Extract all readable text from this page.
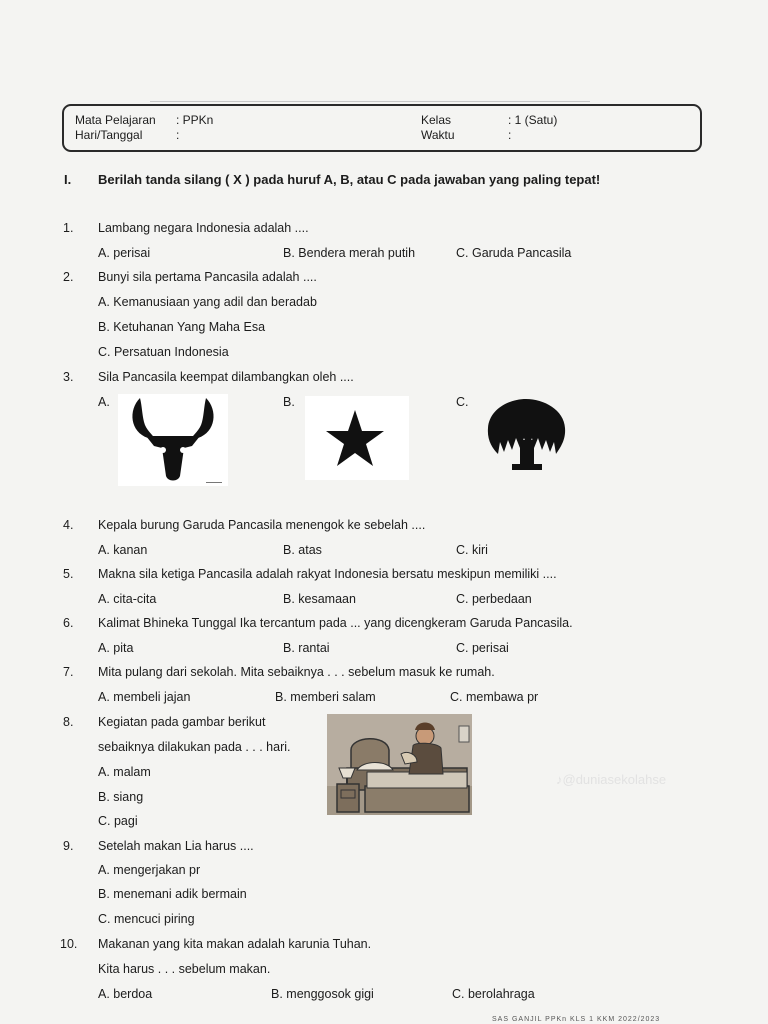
Mata Pelajaran : PPKn
Hari/Tanggal	:
Kelas	: 1 (Satu)
Waktu	:
I. Berilah tanda silang ( X ) pada huruf A, B, atau C pada jawaban yang paling tepat!
1. Lambang negara Indonesia adalah ....
A. perisai	B. Bendera merah putih	C. Garuda Pancasila
2. Bunyi sila pertama Pancasila adalah ....
A. Kemanusiaan yang adil dan beradab
B. Ketuhanan Yang Maha Esa
C. Persatuan Indonesia
3. Sila Pancasila keempat dilambangkan oleh ....
A.	B.	C.
4. Kepala burung Garuda Pancasila menengok ke sebelah ....
A. kanan	B. atas	C. kiri
5. Makna sila ketiga Pancasila adalah rakyat Indonesia bersatu meskipun memiliki ....
A. cita-cita	B. kesamaan	C. perbedaan
6. Kalimat Bhineka Tunggal Ika tercantum pada ... yang dicengkeram Garuda Pancasila.
A. pita	B. rantai	C. perisai
7. Mita pulang dari sekolah. Mita sebaiknya . . . sebelum masuk ke rumah.
A. membeli jajan	B. memberi salam	C. membawa pr
8. Kegiatan pada gambar berikut
sebaiknya dilakukan pada . . . hari.
A. malam
B. siang
C. pagi
♪@duniasekolahse
9. Setelah makan Lia harus ....
A. mengerjakan pr
B. menemani adik bermain
C. mencuci piring
10. Makanan yang kita makan adalah karunia Tuhan.
Kita harus . . . sebelum makan.
A. berdoa	B. menggosok gigi	C. berolahraga
SAS GANJIL PPKn KLS 1 KKM 2022/2023
